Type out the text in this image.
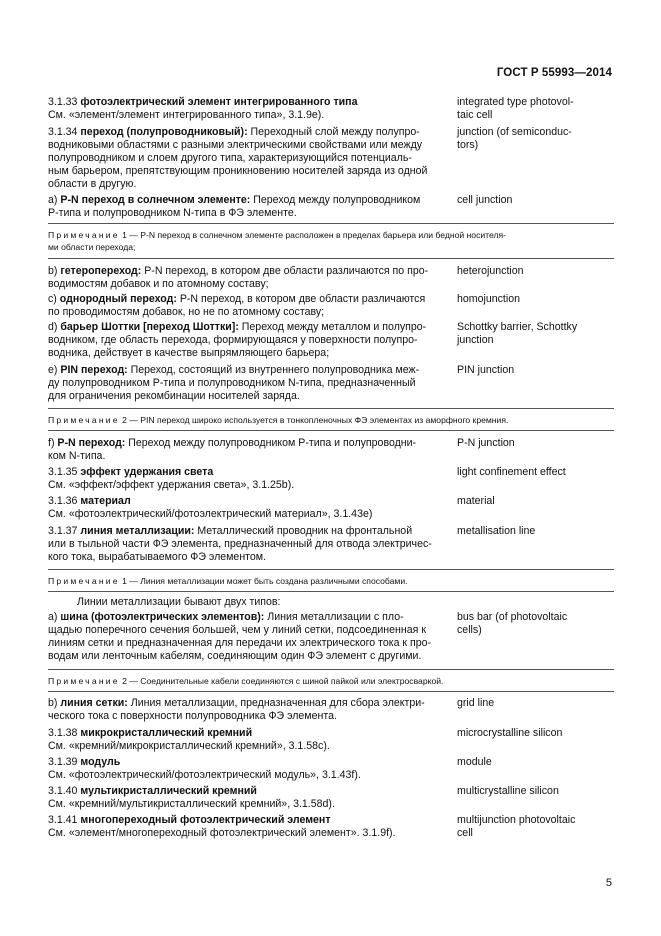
ГОСТ Р 55993—2014
3.1.33 фотоэлектрический элемент интегрированного типа
См. «элемент/элемент интегрированного типа», 3.1.9е).
integrated type photovol-
taic cell
3.1.34 переход (полупроводниковый): Переходный слой между полупро-
водниковыми областями с разными электрическими свойствами или между
полупроводником и слоем другого типа, характеризующийся потенциаль-
ным барьером, препятствующим проникновению носителей заряда из одной
области в другую.
junction (of semiconduc-
tors)
а) P-N переход в солнечном элементе: Переход между полупроводником
Р-типа и полупроводником N-типа в ФЭ элементе.
cell junction
Примечание 1 — P-N переход в солнечном элементе расположен в пределах барьера или бедной носителя-
ми области перехода;
b) гетеропереход: P-N переход, в котором две области различаются по про-
водимостям добавок и по атомному составу;
heterojunction
с) однородный переход: P-N переход, в котором две области различаются
по проводимостям добавок, но не по атомному составу;
homojunction
d) барьер Шоттки [переход Шоттки]: Переход между металлом и полупро-
водником, где область перехода, формирующаяся у поверхности полупро-
водника, действует в качестве выпрямляющего барьера;
Schottky barrier, Schottky
junction
е) PIN переход: Переход, состоящий из внутреннего полупроводника меж-
ду полупроводником Р-типа и полупроводником N-типа, предназначенный
для ограничения рекомбинации носителей заряда.
PIN junction
Примечание 2 — PIN переход широко используется в тонкопленочных ФЭ элементах из аморфного кремния.
f) P-N переход: Переход между полупроводником Р-типа и полупроводни-
ком N-типа.
P-N junction
3.1.35 эффект удержания света
См. «эффект/эффект удержания света», 3.1.25b).
light confinement effect
3.1.36 материал
См. «фотоэлектрический/фотоэлектрический материал», 3.1.43е)
material
3.1.37 линия металлизации: Металлический проводник на фронтальной
или в тыльной части ФЭ элемента, предназначенный для отвода электричес-
кого тока, вырабатываемого ФЭ элементом.
metallisation line
Примечание 1 — Линия металлизации может быть создана различными способами.
Линии металлизации бывают двух типов:
а) шина (фотоэлектрических элементов): Линия металлизации с пло-
щадью поперечного сечения большей, чем у линий сетки, подсоединенная к
линиям сетки и предназначенная для передачи их электрического тока к про-
водам или ленточным кабелям, соединяющим один ФЭ элемент с другими.
bus bar (of photovoltaic
cells)
Примечание 2 — Соединительные кабели соединяются с шиной пайкой или электросваркой.
b) линия сетки: Линия металлизации, предназначенная для сбора электри-
ческого тока с поверхности полупроводника ФЭ элемента.
grid line
3.1.38 микрокристаллический кремний
См. «кремний/микрокристаллический кремний», 3.1.58с).
microcrystalline silicon
3.1.39 модуль
См. «фотоэлектрический/фотоэлектрический модуль», 3.1.43f).
module
3.1.40 мультикристаллический кремний
См. «кремний/мультикристаллический кремний», 3.1.58d).
multicrystalline silicon
3.1.41 многопереходный фотоэлектрический элемент
См. «элемент/многопереходный фотоэлектрический элемент». 3.1.9f).
multijunction photovoltaic
cell
5
